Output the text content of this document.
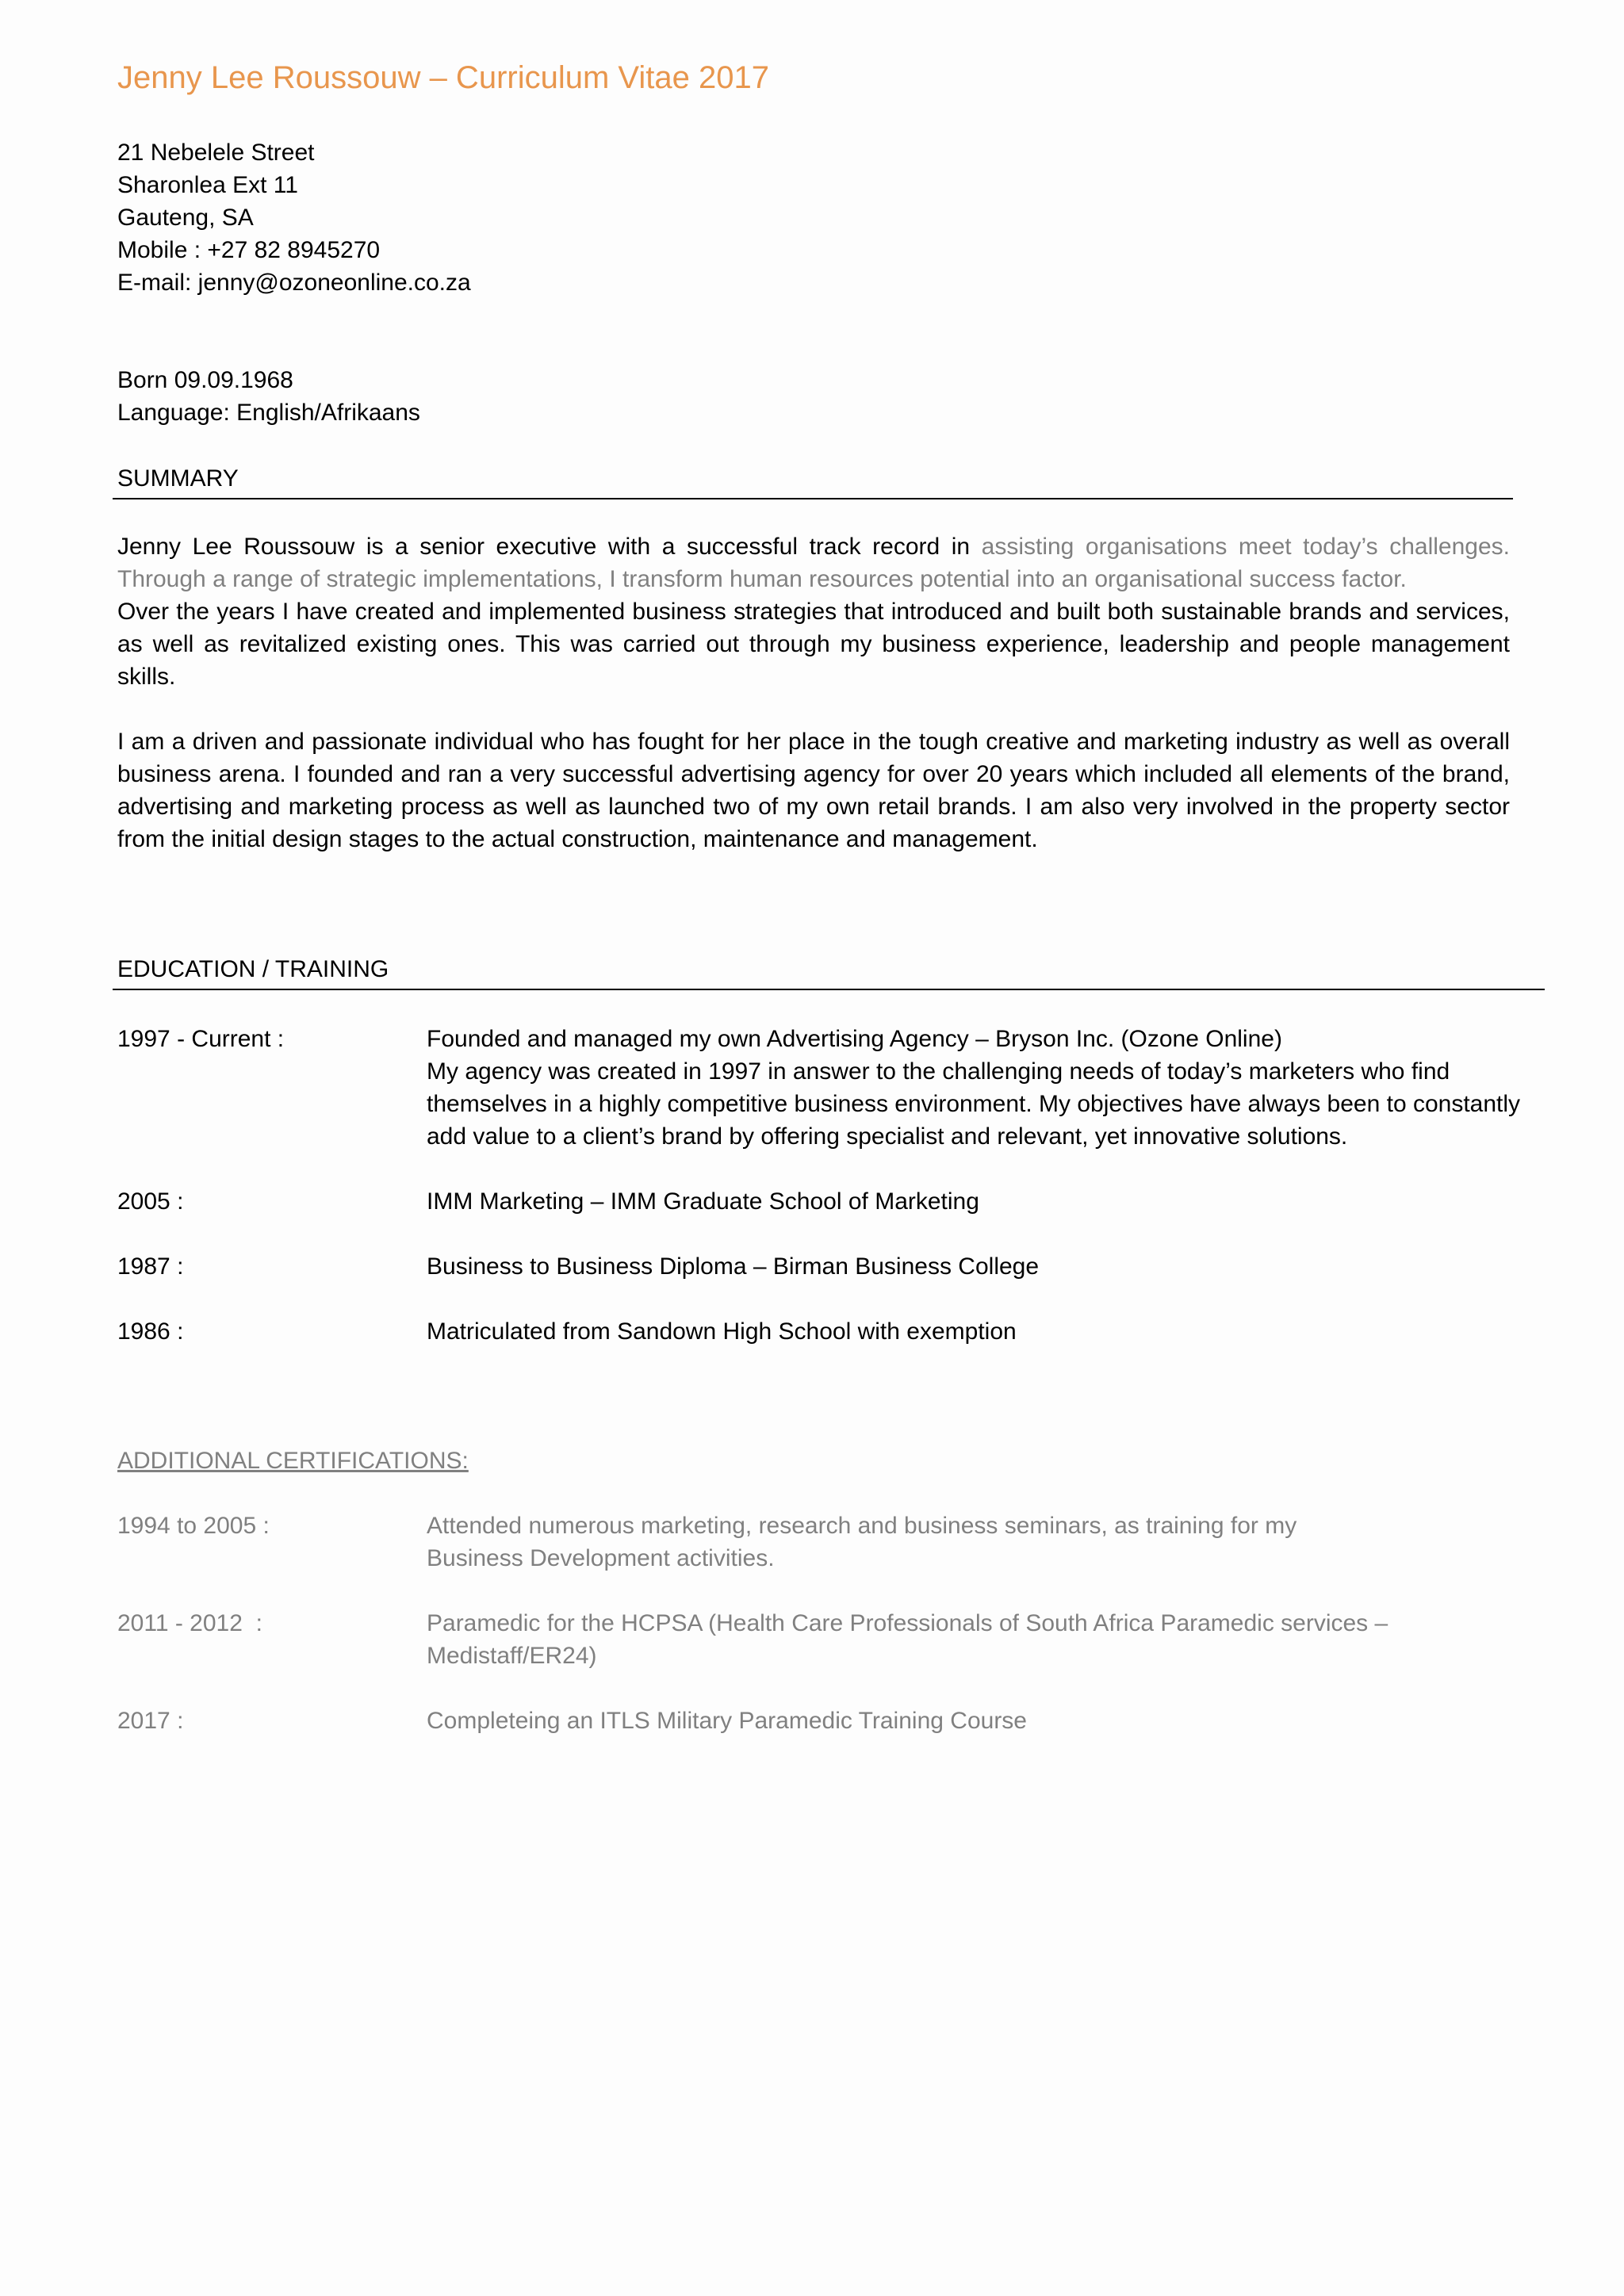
Jenny Lee Roussouw – Curriculum Vitae 2017
21 Nebelele Street
Sharonlea Ext 11
Gauteng, SA
Mobile : +27 82 8945270
E-mail: jenny@ozoneonline.co.za
Born 09.09.1968
Language: English/Afrikaans
SUMMARY
Jenny Lee Roussouw is a senior executive with a successful track record in assisting organisations meet today’s challenges. Through a range of strategic implementations, I transform human resources potential into an organisational success factor.
Over the years I have created and implemented business strategies that introduced and built both sustainable brands and services, as well as revitalized existing ones. This was carried out through my business experience, leadership and people management skills.
I am a driven and passionate individual who has fought for her place in the tough creative and marketing industry as well as overall business arena. I founded and ran a very successful advertising agency for over 20 years which included all elements of the brand, advertising and marketing process as well as launched two of my own retail brands. I am also very involved in the property sector from the initial design stages to the actual construction, maintenance and management.
EDUCATION / TRAINING
1997 - Current :	Founded and managed my own Advertising Agency – Bryson Inc. (Ozone Online)
My agency was created in 1997 in answer to the challenging needs of today’s marketers who find themselves in a highly competitive business environment. My objectives have always been to constantly add value to a client’s brand by offering specialist and relevant, yet innovative solutions.
2005 :	IMM Marketing – IMM Graduate School of Marketing
1987 :	Business to Business Diploma – Birman Business College
1986 :	Matriculated from Sandown High School with exemption
ADDITIONAL CERTIFICATIONS:
1994 to 2005 :	Attended numerous marketing, research and business seminars, as training for my
Business Development activities.
2011 - 2012  :	Paramedic for the HCPSA (Health Care Professionals of South Africa Paramedic services –
Medistaff/ER24)
2017 :	Completeing an ITLS Military Paramedic Training Course
